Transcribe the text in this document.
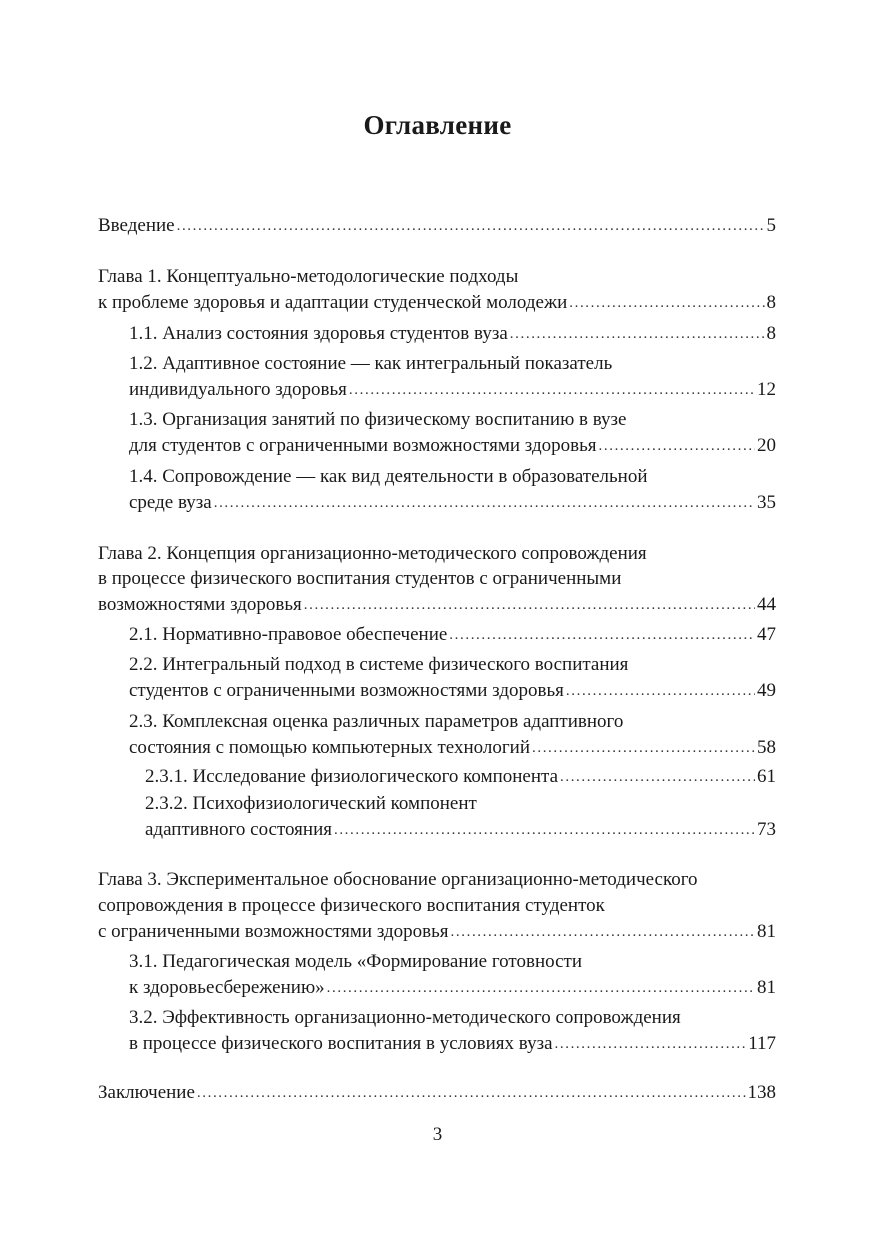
Оглавление
Введение .....	5
Глава 1. Концептуально-методологические подходы
к проблеме здоровья и адаптации студенческой молодежи .....	8
1.1. Анализ состояния здоровья студентов вуза .....	8
1.2. Адаптивное состояние — как интегральный показатель
индивидуального здоровья .....	12
1.3. Организация занятий по физическому воспитанию в вузе
для студентов с ограниченными возможностями здоровья .....	20
1.4. Сопровождение — как вид деятельности в образовательной
среде вуза .....	35
Глава 2. Концепция организационно-методического сопровождения
в процессе физического воспитания студентов с ограниченными
возможностями здоровья .....	44
2.1. Нормативно-правовое обеспечение .....	47
2.2. Интегральный подход в системе физического воспитания
студентов с ограниченными возможностями здоровья .....	49
2.3. Комплексная оценка различных параметров адаптивного
состояния с помощью компьютерных технологий .....	58
2.3.1. Исследование физиологического компонента .....	61
2.3.2. Психофизиологический компонент
адаптивного состояния .....	73
Глава 3. Экспериментальное обоснование организационно-методического
сопровождения в процессе физического воспитания студенток
с ограниченными возможностями здоровья .....	81
3.1. Педагогическая модель «Формирование готовности
к здоровьесбережению» .....	81
3.2. Эффективность организационно-методического сопровождения
в процессе физического воспитания в условиях вуза .....	117
Заключение .....	138
3
